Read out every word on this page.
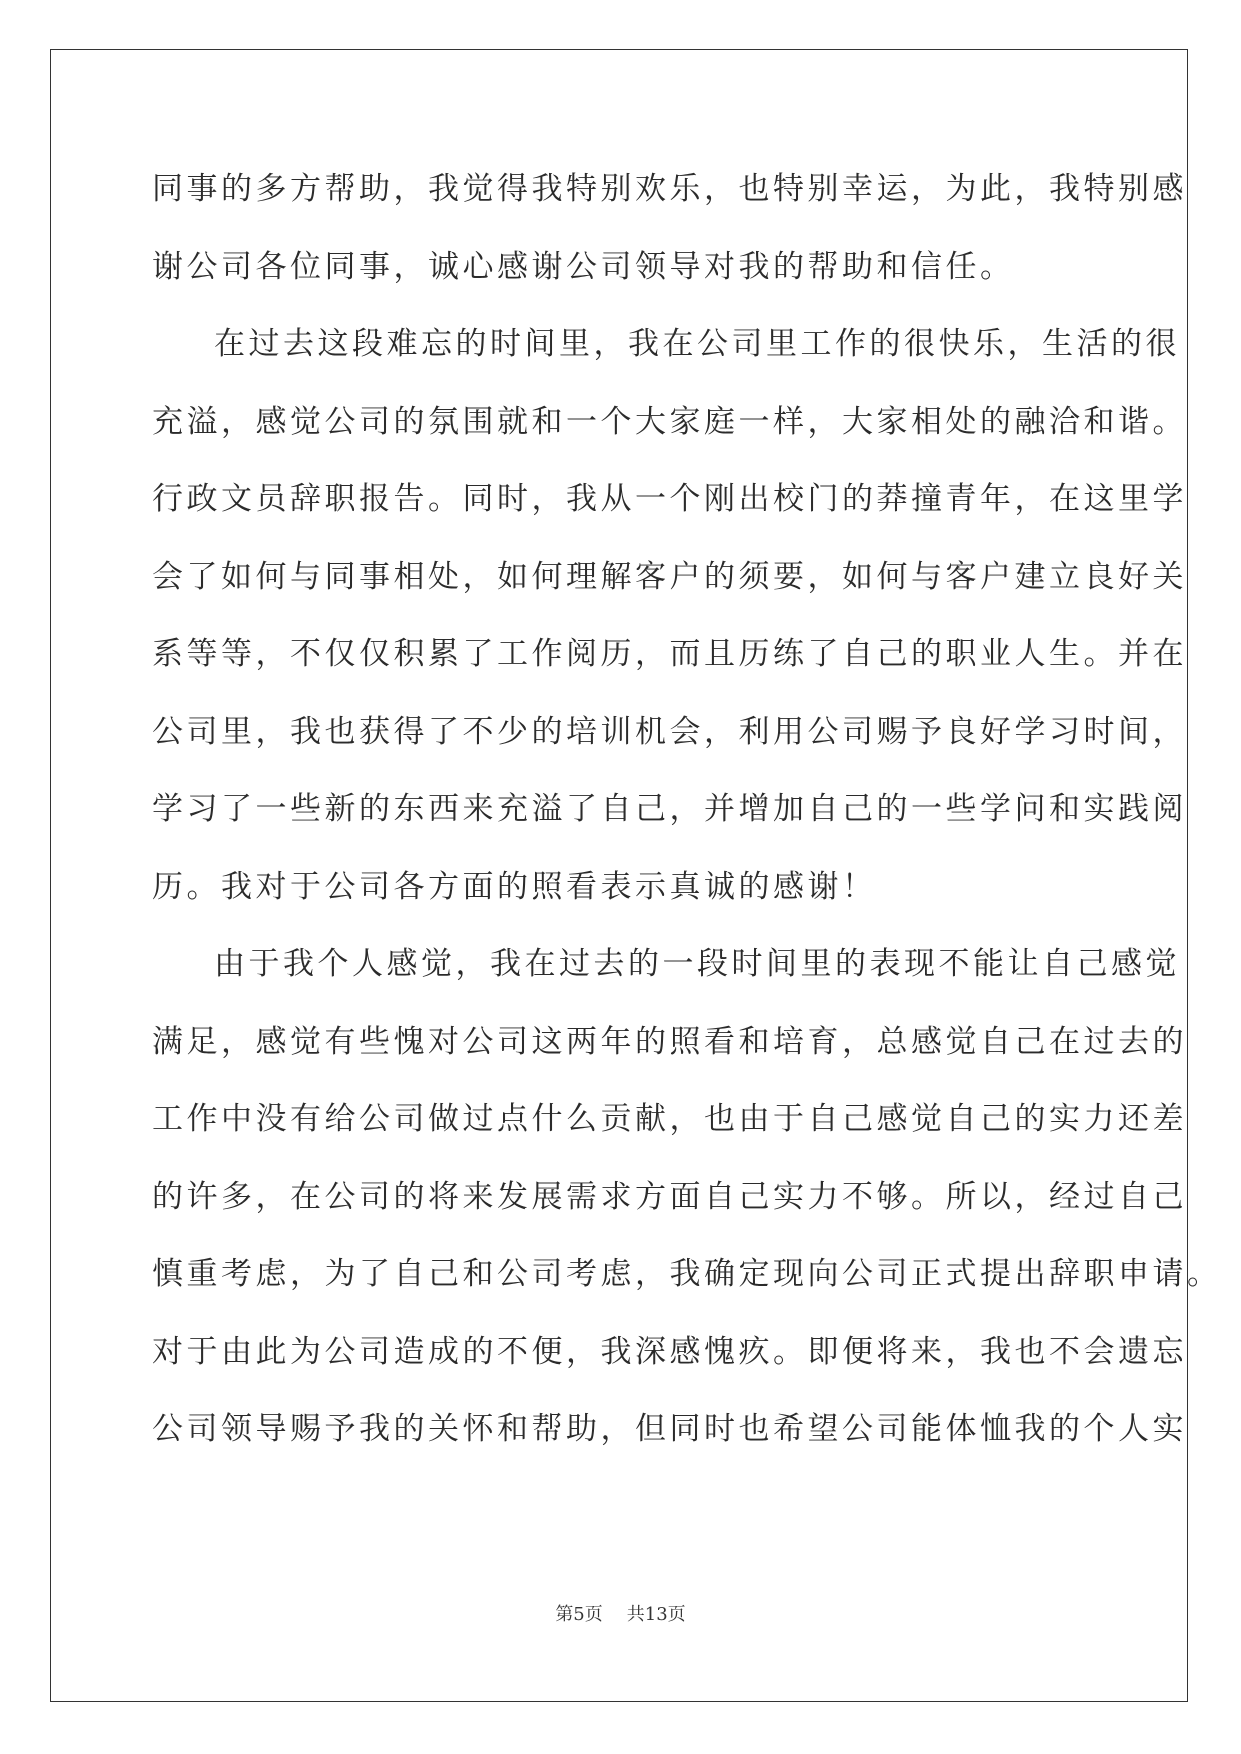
同事的多方帮助，我觉得我特别欢乐，也特别幸运，为此，我特别感
谢公司各位同事，诚心感谢公司领导对我的帮助和信任。
在过去这段难忘的时间里，我在公司里工作的很快乐，生活的很
充溢，感觉公司的氛围就和一个大家庭一样，大家相处的融洽和谐。
行政文员辞职报告。同时，我从一个刚出校门的莽撞青年，在这里学
会了如何与同事相处，如何理解客户的须要，如何与客户建立良好关
系等等，不仅仅积累了工作阅历，而且历练了自己的职业人生。并在
公司里，我也获得了不少的培训机会，利用公司赐予良好学习时间，
学习了一些新的东西来充溢了自己，并增加自己的一些学问和实践阅
历。我对于公司各方面的照看表示真诚的感谢！
由于我个人感觉，我在过去的一段时间里的表现不能让自己感觉
满足，感觉有些愧对公司这两年的照看和培育，总感觉自己在过去的
工作中没有给公司做过点什么贡献，也由于自己感觉自己的实力还差
的许多，在公司的将来发展需求方面自己实力不够。所以，经过自己
慎重考虑，为了自己和公司考虑，我确定现向公司正式提出辞职申请。
对于由此为公司造成的不便，我深感愧疚。即便将来，我也不会遗忘
公司领导赐予我的关怀和帮助，但同时也希望公司能体恤我的个人实
第5页 共13页
